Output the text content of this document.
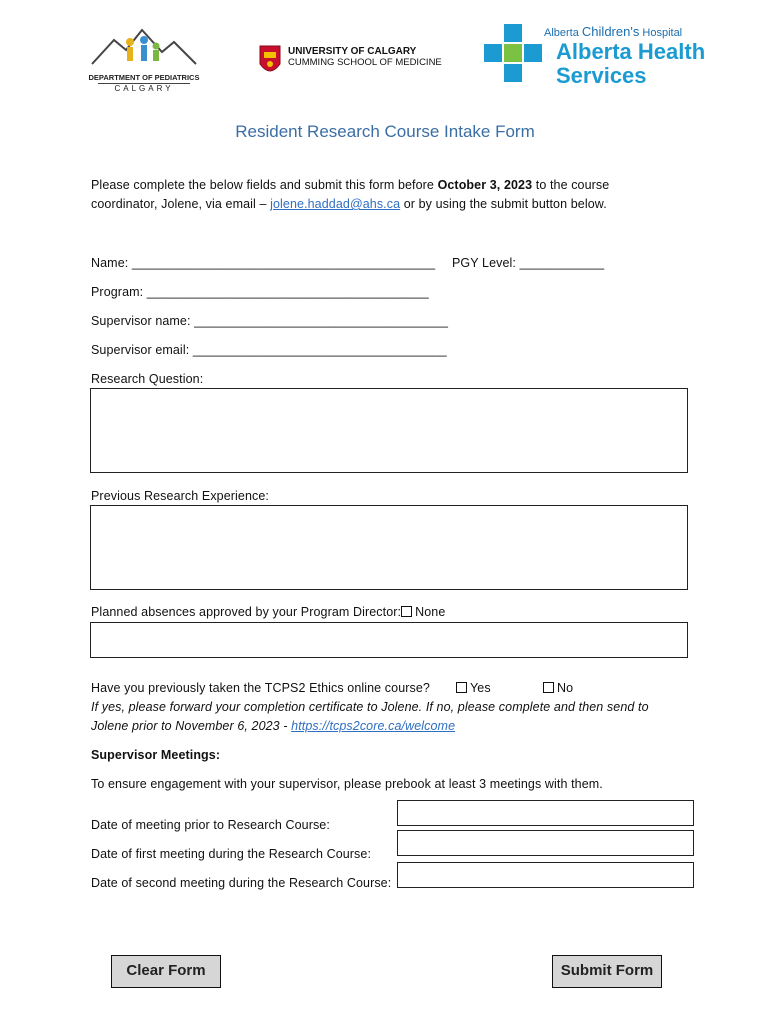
DEPARTMENT OF PEDIATRICS
CALGARY
UNIVERSITY OF CALGARY
CUMMING SCHOOL OF MEDICINE
Alberta Children's Hospital
Alberta Health
Services
Resident Research Course Intake Form
Please complete the below fields and submit this form before October 3, 2023 to the course
coordinator, Jolene, via email – jolene.haddad@ahs.ca or by using the submit button below.
Name: ___________________________________________ PGY Level: ____________
Program: ________________________________________
Supervisor name: ____________________________________
Supervisor email: ____________________________________
Research Question:
Previous Research Experience:
Planned absences approved by your Program Director: None
Have you previously taken the TCPS2 Ethics online course?	Yes	No
If yes, please forward your completion certificate to Jolene. If no, please complete and then send to
Jolene prior to November 6, 2023 - https://tcps2core.ca/welcome
Supervisor Meetings:
To ensure engagement with your supervisor, please prebook at least 3 meetings with them.
Date of meeting prior to Research Course:
Date of first meeting during the Research Course:
Date of second meeting during the Research Course:
Clear Form	Submit Form
